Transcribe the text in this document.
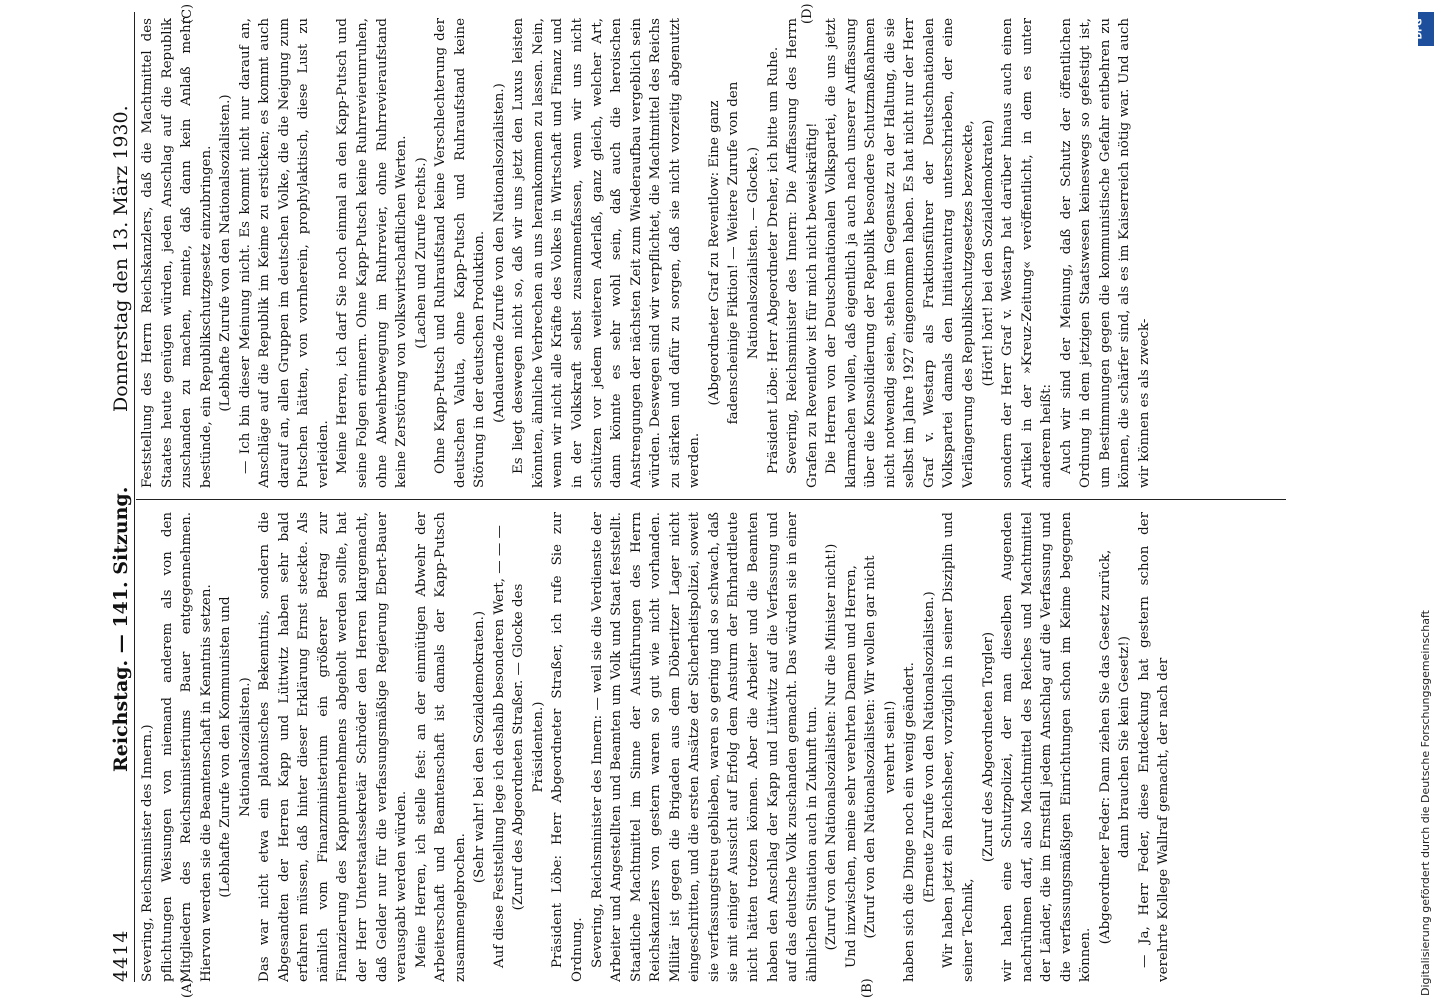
4414
Reichstag. — 141. Sitzung.
Donnerstag den 13. März 1930.
(A)	(B)
(C)	(D)

Severing, Reichsminister des Innern.) pflichtungen Weisungen von niemand anderem als von den Mitgliedern des Reichsministeriums Bauer entgegennehmen. Hiervon werden sie die Beamtenschaft in Kenntnis setzen. (Lebhafte Zurufe von den Kommunisten und Nationalsozialisten.) Das war nicht etwa ein platonisches Bekenntnis, sondern die Abgesandten der Herren Kapp und Lüttwitz haben sehr bald erfahren müssen, daß hinter dieser Erklärung Ernst steckte. Als nämlich vom Finanzministerium ein größerer Betrag zur Finanzierung des Kappunternehmens abgeholt werden sollte, hat der Herr Unterstaatssekretär Schröder den Herren klargemacht, daß Gelder nur für die verfassungsmäßige Regierung Ebert-Bauer verausgabt werden würden. Meine Herren, ich stelle fest: an der einmütigen Abwehr der Arbeiterschaft und Beamtenschaft ist damals der Kapp-Putsch zusammengebrochen.

(Sehr wahr! bei den Sozialdemokraten.) Auf diese Feststellung lege ich deshalb besonderen Wert, — — — (Zuruf des Abgeordneten Straßer. — Glocke des Präsidenten.) Präsident Löbe: Herr Abgeordneter Straßer, ich rufe Sie zur Ordnung. Severing, Reichsminister des Innern: — weil sie die Verdienste der Arbeiter und Angestellten und Beamten um Volk und Staat feststellt. Staatliche Machtmittel im Sinne der Ausführungen des Herrn Reichskanzlers von gestern waren so gut wie nicht vorhanden. Militär ist gegen die Brigaden aus dem Döberitzer Lager nicht eingeschritten, und die ersten Ansätze der Sicherheitspolizei, soweit sie verfassungstreu geblieben, waren so gering und so schwach, daß sie mit einiger Aussicht auf Erfolg dem Ansturm der Ehrhardtleute nicht hätten trotzen können. Aber die Arbeiter und die Beamten haben den Anschlag der Kapp und Lüttwitz auf die Verfassung und auf das deutsche Volk zuschanden gemacht. Das würden sie in einer ähnlichen Situation auch in Zukunft tun. (Zuruf von den Nationalsozialisten: Nur die Minister nicht!) Und inzwischen, meine sehr verehrten Damen und Herren, (Zuruf von den Nationalsozialisten: Wir wollen gar nicht verehrt sein!) haben sich die Dinge noch ein wenig geändert. (Erneute Zurufe von den Nationalsozialisten.) Wir haben jetzt ein Reichsheer, vorzüglich in seiner Disziplin und seiner Technik,

(Zuruf des Abgeordneten Torgler) wir haben eine Schutzpolizei, der man dieselben Augenden nachrühmen darf, also Machtmittel des Reiches und Machtmittel der Länder, die im Ernstfall jedem Anschlag auf die Verfassung und die verfassungsmäßigen Einrichtungen schon im Keime begegnen können.

(Abgeordneter Feder: Dann ziehen Sie das Gesetz zurück, dann brauchen Sie kein Gesetz!) — Ja, Herr Feder, diese Entdeckung hat gestern schon der verehrte Kollege Wallraf gemacht, der nach der

Feststellung des Herrn Reichskanzlers, daß die Machtmittel des Staates heute genügen würden, jeden Anschlag auf die Republik zuschanden zu machen, meinte, daß dann kein Anlaß mehr bestünde, ein Republikschutzgesetz einzubringen. (Lebhafte Zurufe von den Nationalsozialisten.) — Ich bin dieser Meinung nicht. Es kommt nicht nur darauf an, Anschläge auf die Republik im Keime zu ersticken; es kommt auch darauf an, allen Gruppen im deutschen Volke, die die Neigung zum Putschen hätten, von vornherein, prophylaktisch, diese Lust zu verleiden. Meine Herren, ich darf Sie noch einmal an den Kapp-Putsch und seine Folgen erinnern. Ohne Kapp-Putsch keine Ruhrrevierunruhen, ohne Abwehrbewegung im Ruhrrevier, ohne Ruhrrevieraufstand keine Zerstörung von volkswirtschaftlichen Werten. (Lachen und Zurufe rechts.) Ohne Kapp-Putsch und Ruhraufstand keine Verschlechterung der deutschen Valuta, ohne Kapp-Putsch und Ruhraufstand keine Störung in der deutschen Produktion. (Andauernde Zurufe von den Nationalsozialisten.) Es liegt deswegen nicht so, daß wir uns jetzt den Luxus leisten könnten, ähnliche Verbrechen an uns herankommen zu lassen. Nein, wenn wir nicht alle Kräfte des Volkes in Wirtschaft und Finanz und in der Volkskraft selbst zusammenfassen, wenn wir uns nicht schützen vor jedem weiteren Aderlaß, ganz gleich, welcher Art, dann könnte es sehr wohl sein, daß auch die heroischen Anstrengungen der nächsten Zeit zum Wiederaufbau vergeblich sein würden. Deswegen sind wir verpflichtet, die Machtmittel des Reichs zu stärken und dafür zu sorgen, daß sie nicht vorzeitig abgenutzt werden.

(Abgeordneter Graf zu Reventlow: Eine ganz fadenscheinige Fiktion! — Weitere Zurufe von den Nationalsozialisten. — Glocke.) Präsident Löbe: Herr Abgeordneter Dreher, ich bitte um Ruhe. Severing, Reichsminister des Innern: Die Auffassung des Herrn Grafen zu Reventlow ist für mich nicht beweiskräftig! Die Herren von der Deutschnationalen Volkspartei, die uns jetzt klarmachen wollen, daß eigentlich ja auch nach unserer Auffassung über die Konsolidierung der Republik besondere Schutzmaßnahmen nicht notwendig seien, stehen im Gegensatz zu der Haltung, die sie selbst im Jahre 1927 eingenommen haben. Es hat nicht nur der Herr Graf v. Westarp als Fraktionsführer der Deutschnationalen Volkspartei damals den Initiativantrag unterschrieben, der eine Verlängerung des Republikschutzgesetzes bezweckte, (Hört! hört! bei den Sozialdemokraten) sondern der Herr Graf v. Westarp hat darüber hinaus auch einen Artikel in der »Kreuz-Zeitung« veröffentlicht, in dem es unter anderem heißt: Auch wir sind der Meinung, daß der Schutz der öffentlichen Ordnung in dem jetzigen Staatswesen keineswegs so gefestigt ist, um Bestimmungen gegen die kommunistische Gefahr entbehren zu können, die schärfer sind, als es im Kaiserreich nötig war. Und auch wir können es als zweck-

DFG
Digitalisierung gefördert durch die Deutsche Forschungsgemeinschaft
